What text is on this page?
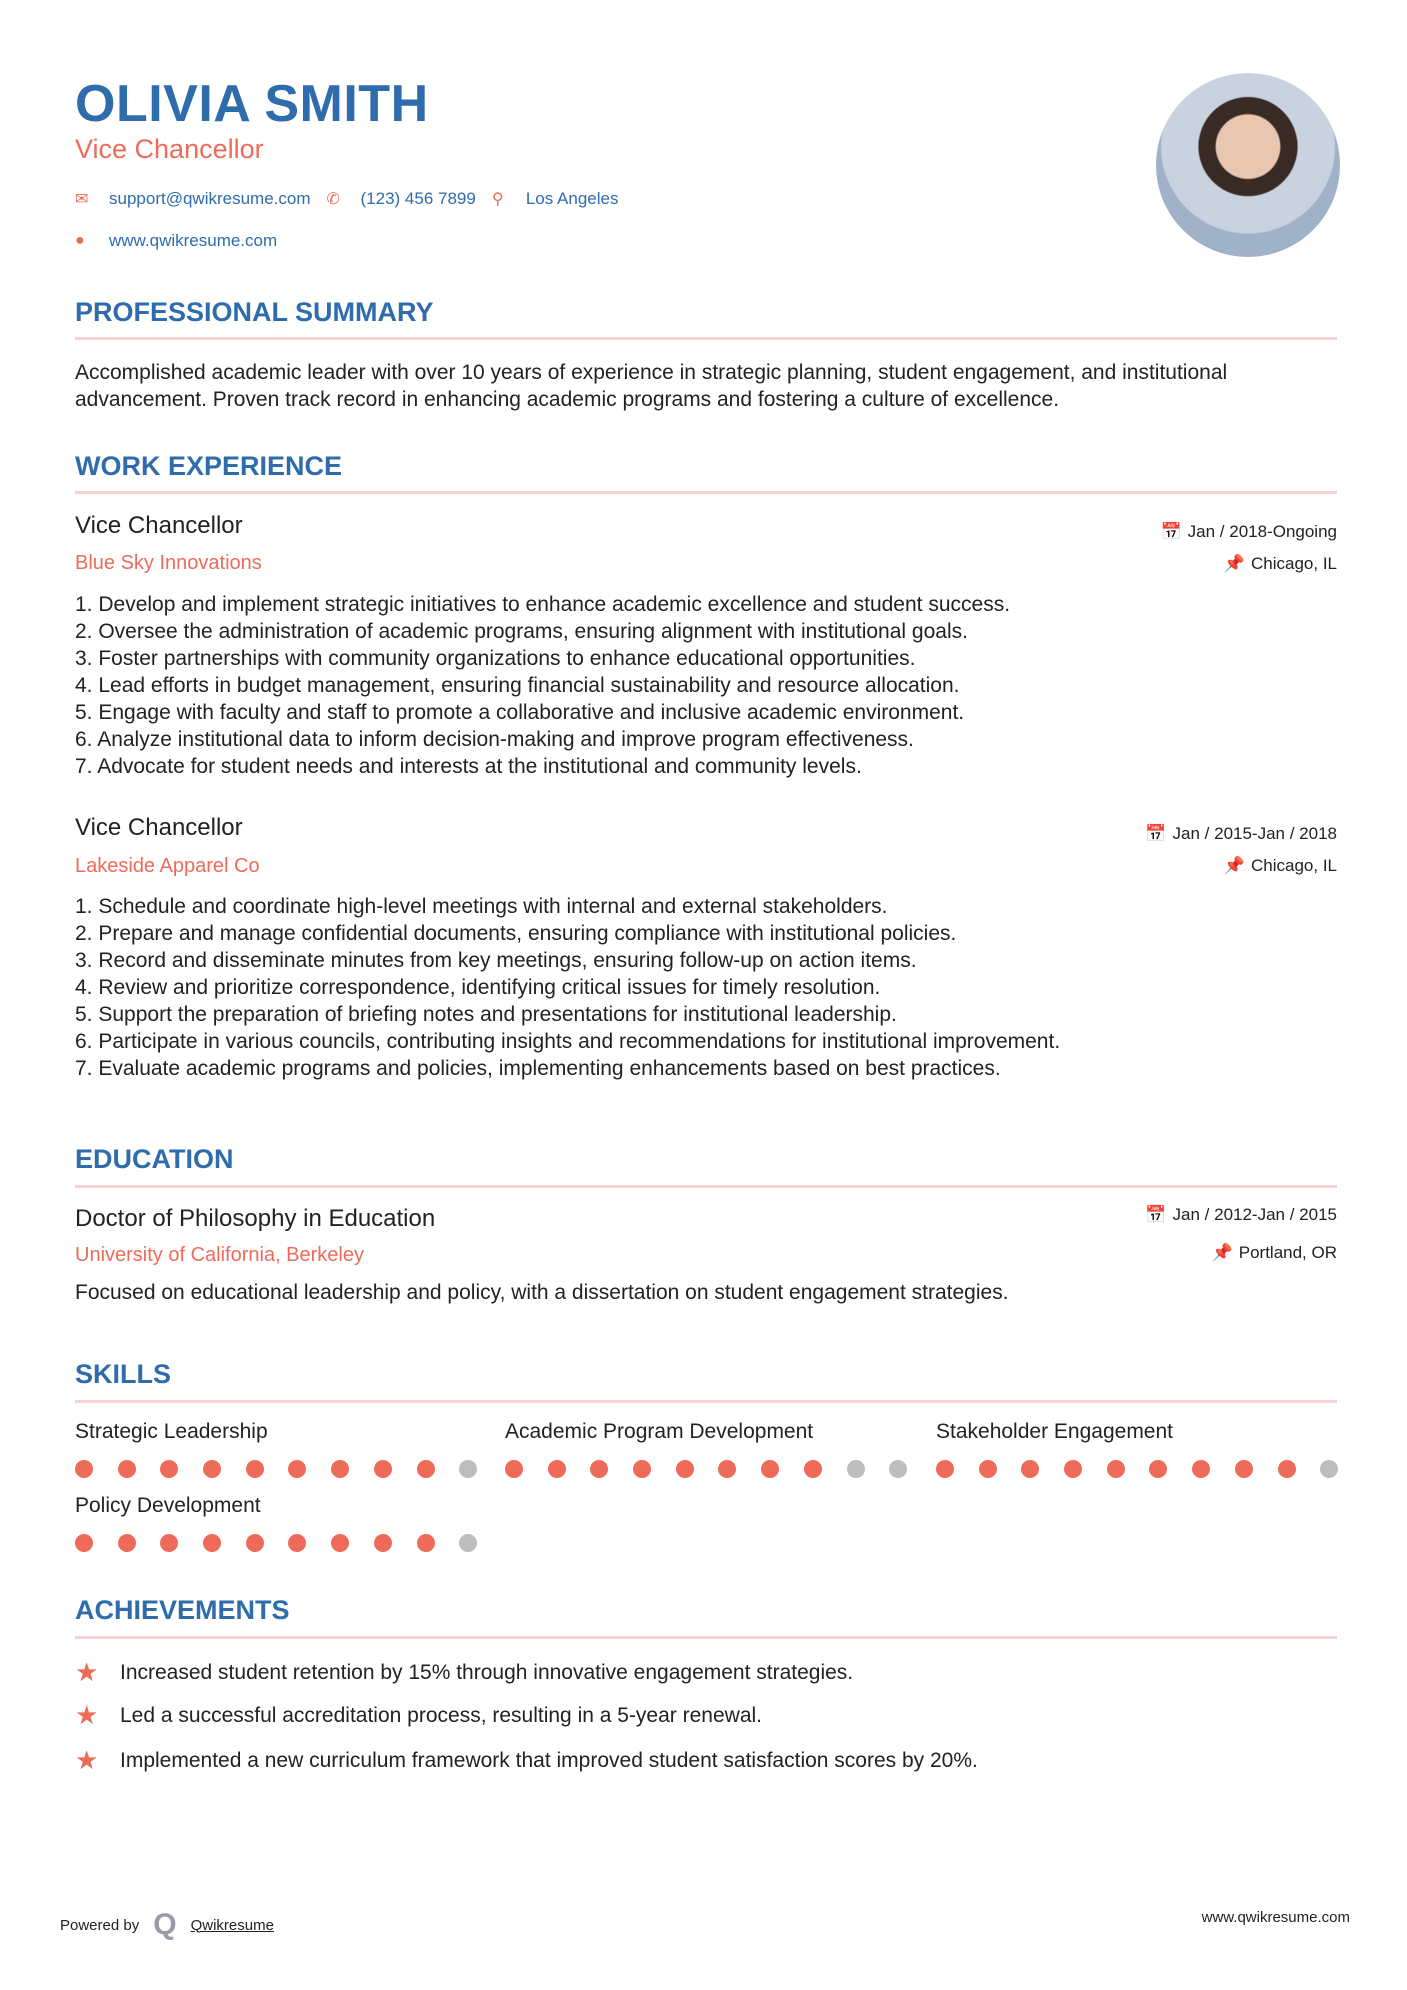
OLIVIA SMITH
Vice Chancellor
✉	support@qwikresume.com ✆	(123) 456 7899 ⚲	Los Angeles
●	www.qwikresume.com
PROFESSIONAL SUMMARY
Accomplished academic leader with over 10 years of experience in strategic planning, student engagement, and institutional advancement. Proven track record in enhancing academic programs and fostering a culture of excellence.
WORK EXPERIENCE
Vice Chancellor
Blue Sky Innovations
📅 Jan / 2018-Ongoing
📌 Chicago, IL
1. Develop and implement strategic initiatives to enhance academic excellence and student success.
2. Oversee the administration of academic programs, ensuring alignment with institutional goals.
3. Foster partnerships with community organizations to enhance educational opportunities.
4. Lead efforts in budget management, ensuring financial sustainability and resource allocation.
5. Engage with faculty and staff to promote a collaborative and inclusive academic environment.
6. Analyze institutional data to inform decision-making and improve program effectiveness.
7. Advocate for student needs and interests at the institutional and community levels.
Vice Chancellor
Lakeside Apparel Co
📅 Jan / 2015-Jan / 2018
📌 Chicago, IL
1. Schedule and coordinate high-level meetings with internal and external stakeholders.
2. Prepare and manage confidential documents, ensuring compliance with institutional policies.
3. Record and disseminate minutes from key meetings, ensuring follow-up on action items.
4. Review and prioritize correspondence, identifying critical issues for timely resolution.
5. Support the preparation of briefing notes and presentations for institutional leadership.
6. Participate in various councils, contributing insights and recommendations for institutional improvement.
7. Evaluate academic programs and policies, implementing enhancements based on best practices.
EDUCATION
Doctor of Philosophy in Education
University of California, Berkeley
📅 Jan / 2012-Jan / 2015
📌 Portland, OR
Focused on educational leadership and policy, with a dissertation on student engagement strategies.
SKILLS
Strategic Leadership	Academic Program Development	Stakeholder Engagement
Policy Development
ACHIEVEMENTS
★	Increased student retention by 15% through innovative engagement strategies.
★	Led a successful accreditation process, resulting in a 5-year renewal.
★	Implemented a new curriculum framework that improved student satisfaction scores by 20%.
Powered by Q Qwikresume	www.qwikresume.com
